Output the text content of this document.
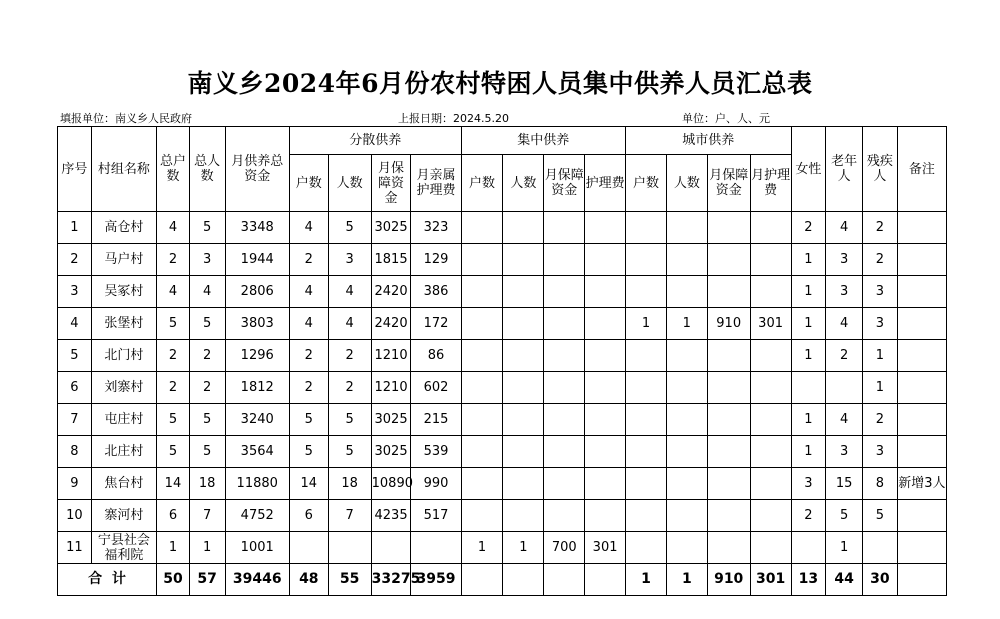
南义乡2024年6月份农村特困人员集中供养人员汇总表
填报单位：南义乡人民政府	上报日期：2024.5.20	单位：户、人、元
序号	村组名称	总户数	总人数	月供养总资金	分散供养				集中供养				城市供养				女性	老年人	残疾人	备注
					户数	人数	月保障资金	月亲属护理费	户数	人数	月保障资金	护理费	户数	人数	月保障资金	月护理费				
1	高仓村	4	5	3348	4	5	3025	323									2	4	2	
2	马户村	2	3	1944	2	3	1815	129									1	3	2	
3	吴冢村	4	4	2806	4	4	2420	386									1	3	3	
4	张堡村	5	5	3803	4	4	2420	172					1	1	910	301	1	4	3	
5	北门村	2	2	1296	2	2	1210	86									1	2	1	
6	刘寨村	2	2	1812	2	2	1210	602											1	
7	屯庄村	5	5	3240	5	5	3025	215									1	4	2	
8	北庄村	5	5	3564	5	5	3025	539									1	3	3	
9	焦台村	14	18	11880	14	18	10890	990									3	15	8	新增3人
10	寨河村	6	7	4752	6	7	4235	517									2	5	5	
11	宁县社会福利院	1	1	1001					1	1	700	301						1		
合  计		50	57	39446	48	55	33275	3959					1	1	910	301	13	44	30	
